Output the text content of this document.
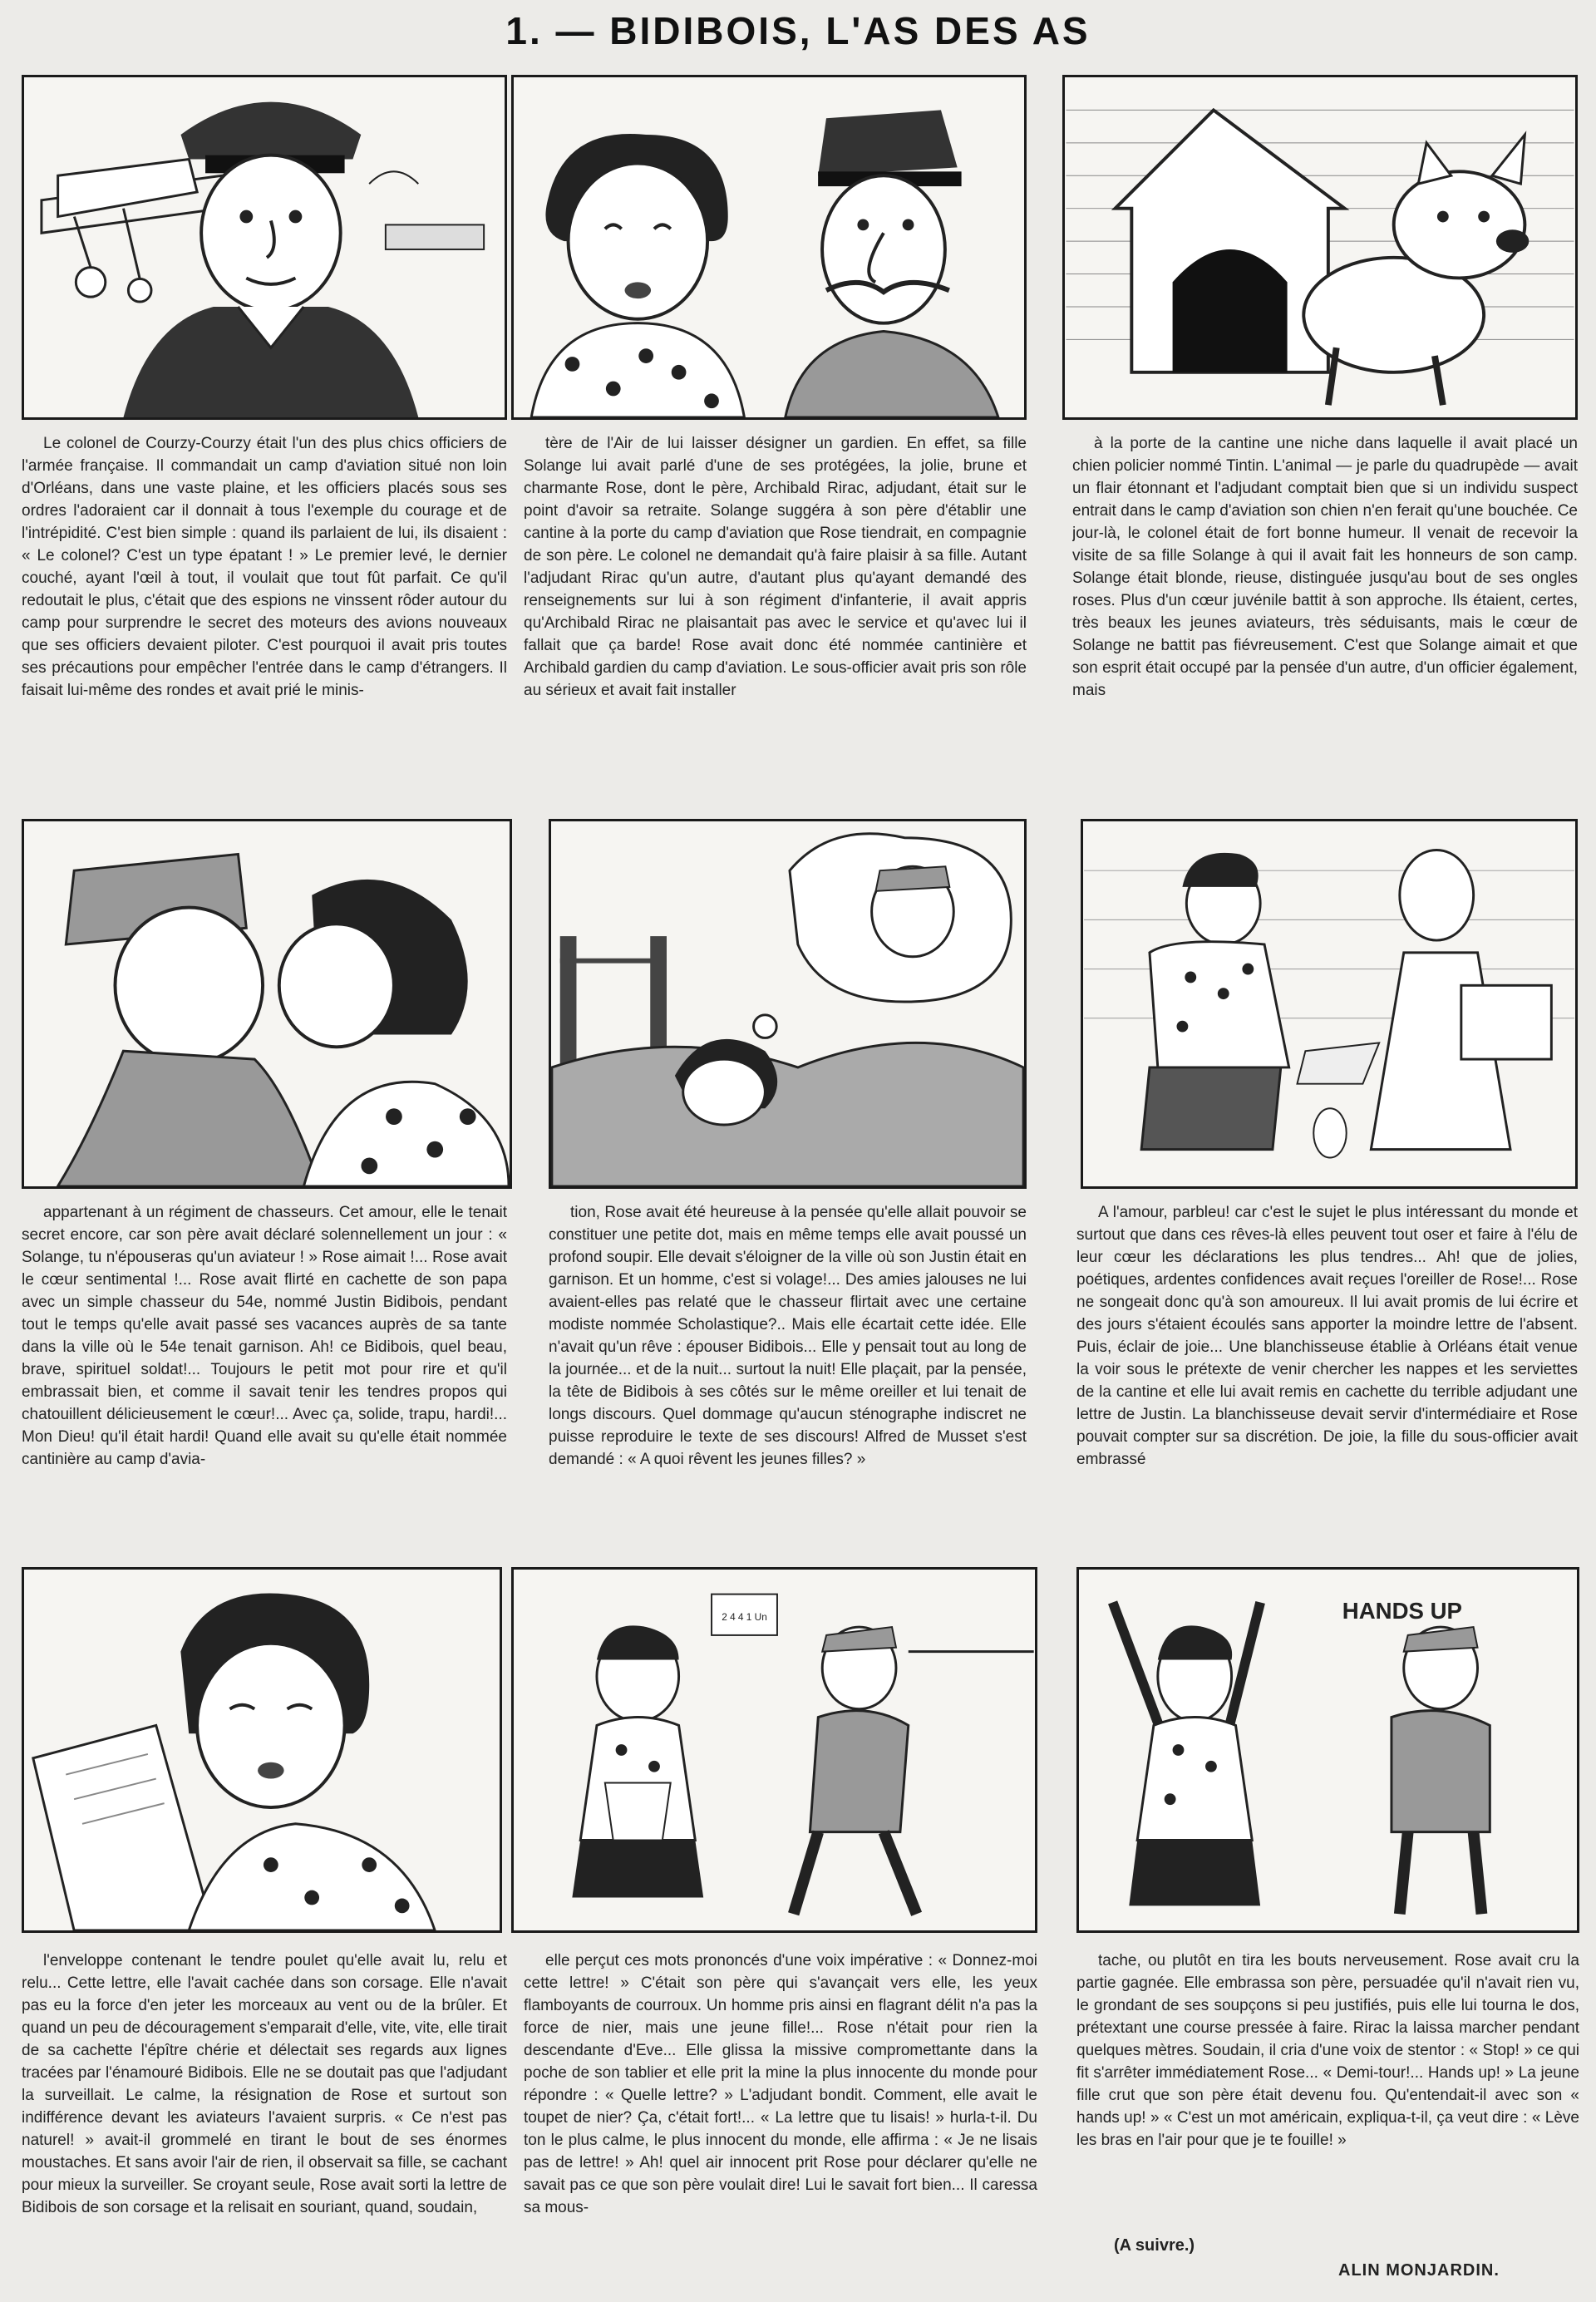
1. — BIDIBOIS, L'AS DES AS

Le colonel de Courzy-Courzy était l'un des plus chics officiers de l'armée française. Il commandait un camp d'aviation situé non loin d'Orléans, dans une vaste plaine, et les officiers placés sous ses ordres l'adoraient car il donnait à tous l'exemple du courage et de l'intrépidité. C'est bien simple : quand ils parlaient de lui, ils disaient : « Le colonel? C'est un type épatant ! » Le premier levé, le dernier couché, ayant l'œil à tout, il voulait que tout fût parfait. Ce qu'il redoutait le plus, c'était que des espions ne vinssent rôder autour du camp pour surprendre le secret des moteurs des avions nouveaux que ses officiers devaient piloter. C'est pourquoi il avait pris toutes ses précautions pour empêcher l'entrée dans le camp d'étrangers. Il faisait lui-même des rondes et avait prié le minis-

tère de l'Air de lui laisser désigner un gardien. En effet, sa fille Solange lui avait parlé d'une de ses protégées, la jolie, brune et charmante Rose, dont le père, Archibald Rirac, adjudant, était sur le point d'avoir sa retraite. Solange suggéra à son père d'établir une cantine à la porte du camp d'aviation que Rose tiendrait, en compagnie de son père. Le colonel ne demandait qu'à faire plaisir à sa fille. Autant l'adjudant Rirac qu'un autre, d'autant plus qu'ayant demandé des renseignements sur lui à son régiment d'infanterie, il avait appris qu'Archibald Rirac ne plaisantait pas avec le service et qu'avec lui il fallait que ça barde! Rose avait donc été nommée cantinière et Archibald gardien du camp d'aviation. Le sous-officier avait pris son rôle au sérieux et avait fait installer

à la porte de la cantine une niche dans laquelle il avait placé un chien policier nommé Tintin. L'animal — je parle du quadrupède — avait un flair étonnant et l'adjudant comptait bien que si un individu suspect entrait dans le camp d'aviation son chien n'en ferait qu'une bouchée. Ce jour-là, le colonel était de fort bonne humeur. Il venait de recevoir la visite de sa fille Solange à qui il avait fait les honneurs de son camp. Solange était blonde, rieuse, distinguée jusqu'au bout de ses ongles roses. Plus d'un cœur juvénile battit à son approche. Ils étaient, certes, très beaux les jeunes aviateurs, très séduisants, mais le cœur de Solange ne battit pas fiévreusement. C'est que Solange aimait et que son esprit était occupé par la pensée d'un autre, d'un officier également, mais

appartenant à un régiment de chasseurs. Cet amour, elle le tenait secret encore, car son père avait déclaré solennellement un jour : « Solange, tu n'épouseras qu'un aviateur ! » Rose aimait !... Rose avait le cœur sentimental !... Rose avait flirté en cachette de son papa avec un simple chasseur du 54e, nommé Justin Bidibois, pendant tout le temps qu'elle avait passé ses vacances auprès de sa tante dans la ville où le 54e tenait garnison. Ah! ce Bidibois, quel beau, brave, spirituel soldat!... Toujours le petit mot pour rire et qu'il embrassait bien, et comme il savait tenir les tendres propos qui chatouillent délicieusement le cœur!... Avec ça, solide, trapu, hardi!... Mon Dieu! qu'il était hardi! Quand elle avait su qu'elle était nommée cantinière au camp d'avia-

tion, Rose avait été heureuse à la pensée qu'elle allait pouvoir se constituer une petite dot, mais en même temps elle avait poussé un profond soupir. Elle devait s'éloigner de la ville où son Justin était en garnison. Et un homme, c'est si volage!... Des amies jalouses ne lui avaient-elles pas relaté que le chasseur flirtait avec une certaine modiste nommée Scholastique?.. Mais elle écartait cette idée. Elle n'avait qu'un rêve : épouser Bidibois... Elle y pensait tout au long de la journée... et de la nuit... surtout la nuit! Elle plaçait, par la pensée, la tête de Bidibois à ses côtés sur le même oreiller et lui tenait de longs discours. Quel dommage qu'aucun sténographe indiscret ne puisse reproduire le texte de ses discours! Alfred de Musset s'est demandé : « A quoi rêvent les jeunes filles? »

A l'amour, parbleu! car c'est le sujet le plus intéressant du monde et surtout que dans ces rêves-là elles peuvent tout oser et faire à l'élu de leur cœur les déclarations les plus tendres... Ah! que de jolies, poétiques, ardentes confidences avait reçues l'oreiller de Rose!... Rose ne songeait donc qu'à son amoureux. Il lui avait promis de lui écrire et des jours s'étaient écoulés sans apporter la moindre lettre de l'absent. Puis, éclair de joie... Une blanchisseuse établie à Orléans était venue la voir sous le prétexte de venir chercher les nappes et les serviettes de la cantine et elle lui avait remis en cachette du terrible adjudant une lettre de Justin. La blanchisseuse devait servir d'intermédiaire et Rose pouvait compter sur sa discrétion. De joie, la fille du sous-officier avait embrassé

2 4 4 1 Un	HANDS UP

l'enveloppe contenant le tendre poulet qu'elle avait lu, relu et relu... Cette lettre, elle l'avait cachée dans son corsage. Elle n'avait pas eu la force d'en jeter les morceaux au vent ou de la brûler. Et quand un peu de découragement s'emparait d'elle, vite, vite, elle tirait de sa cachette l'épître chérie et délectait ses regards aux lignes tracées par l'énamouré Bidibois. Elle ne se doutait pas que l'adjudant la surveillait. Le calme, la résignation de Rose et surtout son indifférence devant les aviateurs l'avaient surpris. « Ce n'est pas naturel! » avait-il grommelé en tirant le bout de ses énormes moustaches. Et sans avoir l'air de rien, il observait sa fille, se cachant pour mieux la surveiller. Se croyant seule, Rose avait sorti la lettre de Bidibois de son corsage et la relisait en souriant, quand, soudain,

elle perçut ces mots prononcés d'une voix impérative : « Donnez-moi cette lettre! » C'était son père qui s'avançait vers elle, les yeux flamboyants de courroux. Un homme pris ainsi en flagrant délit n'a pas la force de nier, mais une jeune fille!... Rose n'était pour rien la descendante d'Eve... Elle glissa la missive compromettante dans la poche de son tablier et elle prit la mine la plus innocente du monde pour répondre : « Quelle lettre? » L'adjudant bondit. Comment, elle avait le toupet de nier? Ça, c'était fort!... « La lettre que tu lisais! » hurla-t-il. Du ton le plus calme, le plus innocent du monde, elle affirma : « Je ne lisais pas de lettre! » Ah! quel air innocent prit Rose pour déclarer qu'elle ne savait pas ce que son père voulait dire! Lui le savait fort bien... Il caressa sa mous-

tache, ou plutôt en tira les bouts nerveusement. Rose avait cru la partie gagnée. Elle embrassa son père, persuadée qu'il n'avait rien vu, le grondant de ses soupçons si peu justifiés, puis elle lui tourna le dos, prétextant une course pressée à faire. Rirac la laissa marcher pendant quelques mètres. Soudain, il cria d'une voix de stentor : « Stop! » ce qui fit s'arrêter immédiatement Rose... « Demi-tour!... Hands up! » La jeune fille crut que son père était devenu fou. Qu'entendait-il avec son « hands up! » « C'est un mot américain, expliqua-t-il, ça veut dire : « Lève les bras en l'air pour que je te fouille! »

(A suivre.)
ALIN MONJARDIN.
